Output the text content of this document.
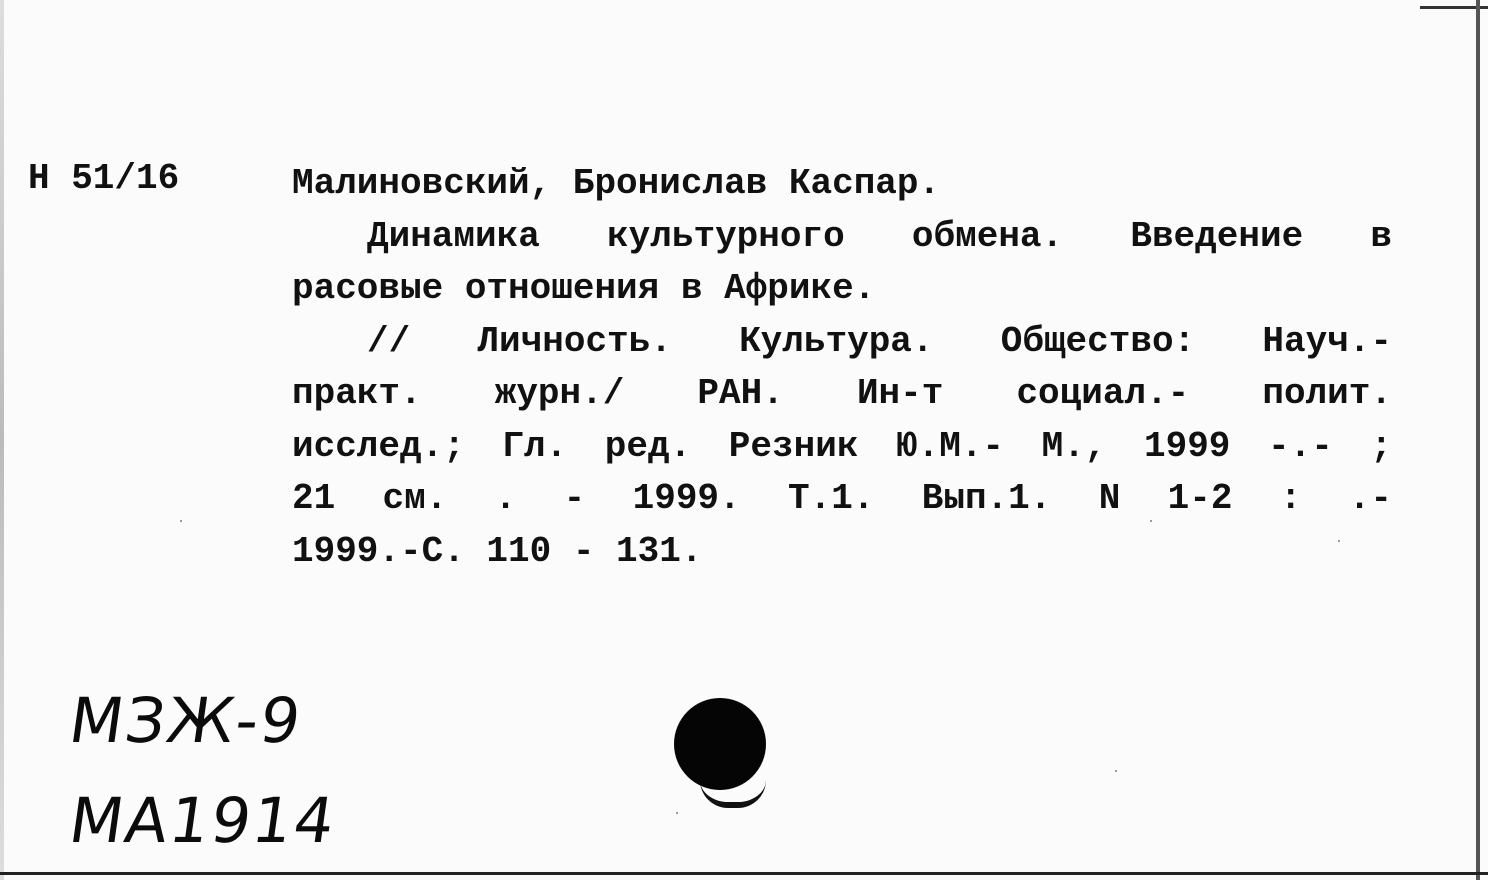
Н 51/16	Малиновский, Бронислав Каспар.
Динамика культурного обмена. Введение в
расовые отношения в Африке.
// Личность. Культура. Общество: Науч.-
практ. журн./ РАН. Ин-т социал.- полит.
исслед.; Гл. ред. Резник Ю.М.- М., 1999 -.- ;
21 см. . - 1999. Т.1. Вып.1. N 1-2 : .-
1999.-С. 110 - 131.
МЗЖ-9
МА1914
